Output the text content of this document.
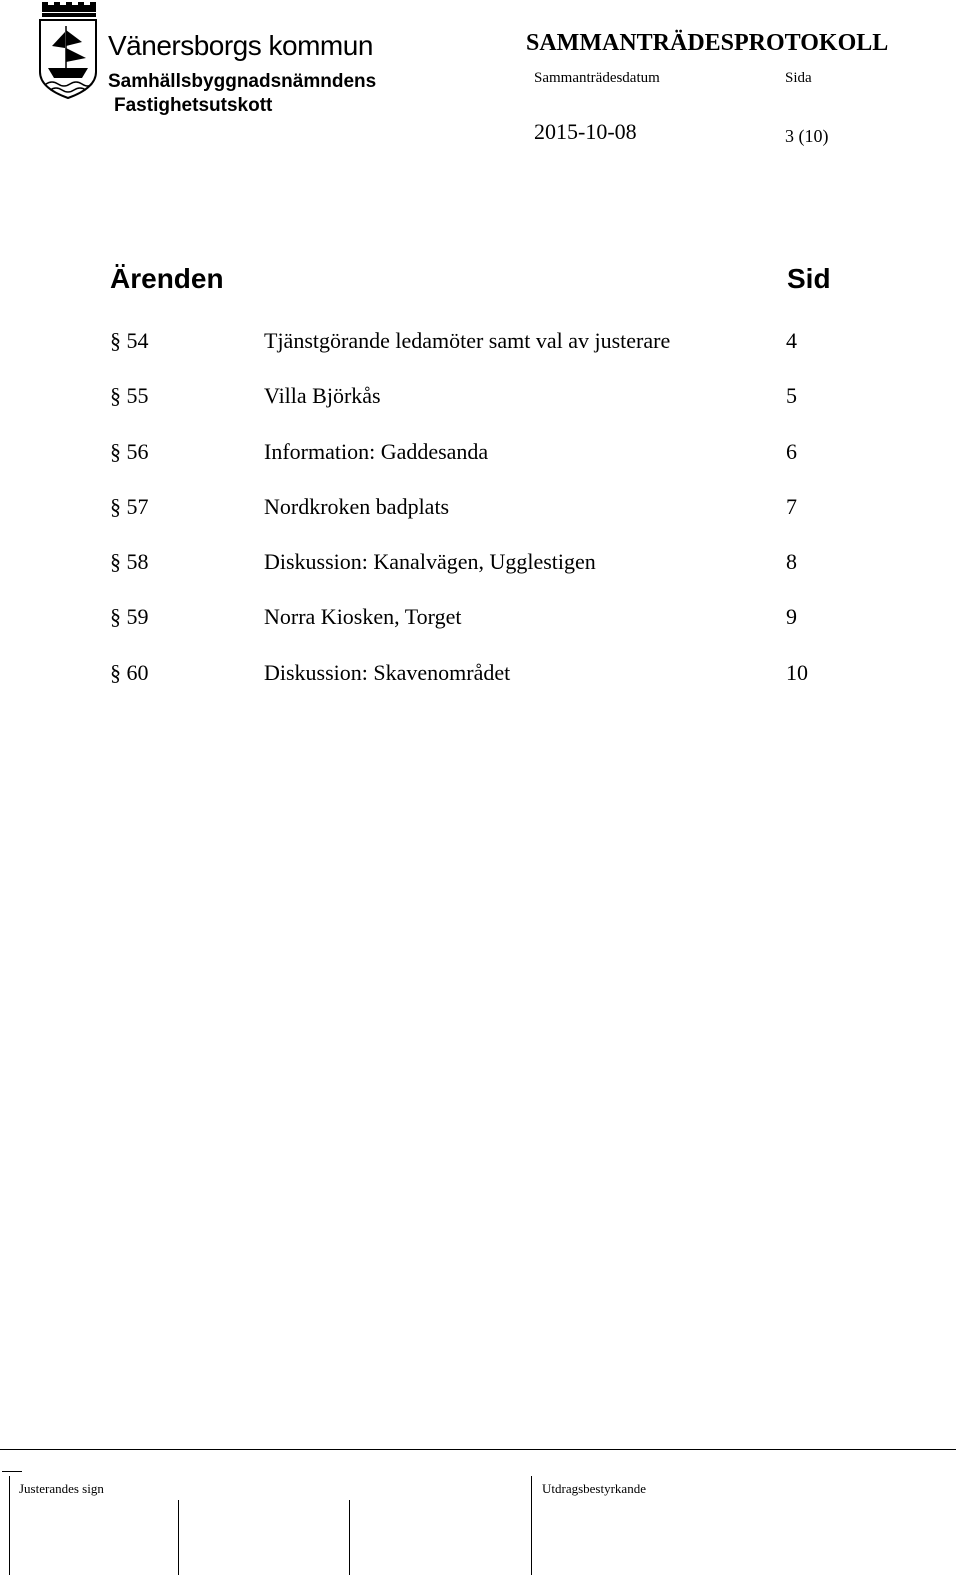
Vänersborgs kommun
Samhällsbyggnadsnämndens
Fastighetsutskott
SAMMANTRÄDESPROTOKOLL
Sammanträdesdatum	Sida
2015-10-08	3 (10)
Ärenden	Sid
§ 54	Tjänstgörande ledamöter samt val av justerare	4
§ 55	Villa Björkås	5
§ 56	Information: Gaddesanda	6
§ 57	Nordkroken badplats	7
§ 58	Diskussion: Kanalvägen, Ugglestigen	8
§ 59	Norra Kiosken, Torget	9
§ 60	Diskussion: Skavenområdet	10
Justerandes sign	Utdragsbestyrkande
